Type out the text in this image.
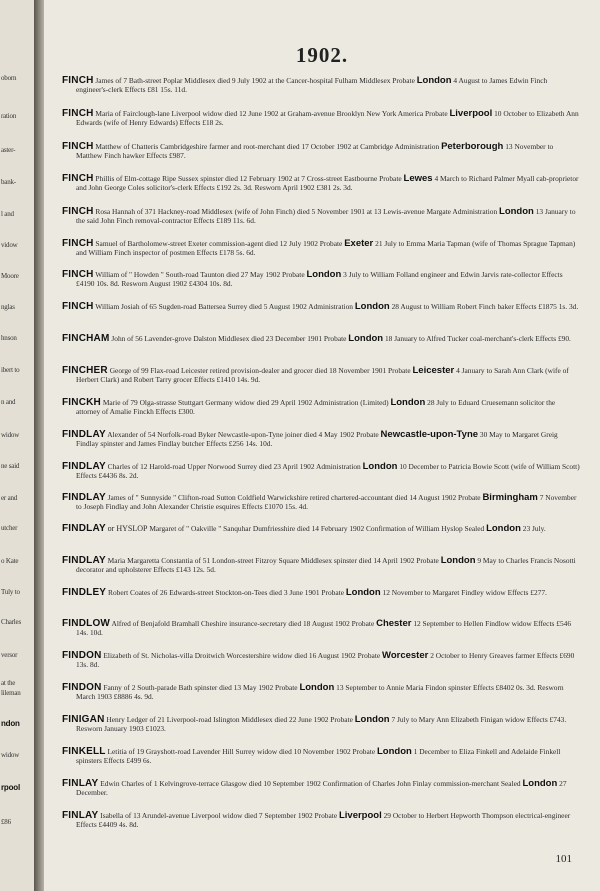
oborn
ration
aster-
bank-
l and
vidow
Moore
nglas
hnson
ibert to
n and
widow
ne said
er and
utcher
o Kate
Tuly to
Charles
versor
at the
lileman
ndon
widow
rpool
£86
1902.
FINCH James of 7 Bath-street Poplar Middlesex died 9 July 1902 at the Cancer-hospital Fulham Middlesex Probate London 4 August to James Edwin Finch engineer's-clerk Effects £81 15s. 11d.
FINCH Maria of Fairclough-lane Liverpool widow died 12 June 1902 at Graham-avenue Brooklyn New York America Probate Liverpool 10 October to Elizabeth Ann Edwards (wife of Henry Edwards) Effects £18 2s.
FINCH Matthew of Chatteris Cambridgeshire farmer and root-merchant died 17 October 1902 at Cambridge Administration Peterborough 13 November to Matthew Finch hawker Effects £987.
FINCH Phillis of Elm-cottage Ripe Sussex spinster died 12 February 1902 at 7 Cross-street Eastbourne Probate Lewes 4 March to Richard Palmer Myall cab-proprietor and John George Coles solicitor's-clerk Effects £192 2s. 3d. Resworn April 1902 £381 2s. 3d.
FINCH Rosa Hannah of 371 Hackney-road Middlesex (wife of John Finch) died 5 November 1901 at 13 Lewis-avenue Margate Administration London 13 January to the said John Finch removal-contractor Effects £189 11s. 6d.
FINCH Samuel of Bartholomew-street Exeter commission-agent died 12 July 1902 Probate Exeter 21 July to Emma Maria Tapman (wife of Thomas Sprague Tapman) and William Finch inspector of postmen Effects £178 5s. 6d.
FINCH William of " Howden " South-road Taunton died 27 May 1902 Probate London 3 July to William Folland engineer and Edwin Jarvis rate-collector Effects £4190 10s. 8d. Resworn August 1902 £4304 10s. 8d.
FINCH William Josiah of 65 Sugden-road Battersea Surrey died 5 August 1902 Administration London 28 August to William Robert Finch baker Effects £1875 1s. 3d.
FINCHAM John of 56 Lavender-grove Dalston Middlesex died 23 December 1901 Probate London 18 January to Alfred Tucker coal-merchant's-clerk Effects £90.
FINCHER George of 99 Flax-road Leicester retired provision-dealer and grocer died 18 November 1901 Probate Leicester 4 January to Sarah Ann Clark (wife of Herbert Clark) and Robert Tarry grocer Effects £1410 14s. 9d.
FINCKH Marie of 79 Olga-strasse Stuttgart Germany widow died 29 April 1902 Administration (Limited) London 28 July to Eduard Cruesemann solicitor the attorney of Amalie Finckh Effects £300.
FINDLAY Alexander of 54 Norfolk-road Byker Newcastle-upon-Tyne joiner died 4 May 1902 Probate Newcastle-upon-Tyne 30 May to Margaret Greig Findlay spinster and James Findlay butcher Effects £256 14s. 10d.
FINDLAY Charles of 12 Harold-road Upper Norwood Surrey died 23 April 1902 Administration London 10 December to Patricia Bowie Scott (wife of William Scott) Effects £4436 8s. 2d.
FINDLAY James of " Sunnyside " Clifton-road Sutton Coldfield Warwickshire retired chartered-accountant died 14 August 1902 Probate Birmingham 7 November to Joseph Findlay and John Alexander Christie esquires Effects £1070 15s. 4d.
FINDLAY or HYSLOP Margaret of " Oakville " Sanquhar Dumfriesshire died 14 February 1902 Confirmation of William Hyslop Sealed London 23 July.
FINDLAY Maria Margaretta Constantia of 51 London-street Fitzroy Square Middlesex spinster died 14 April 1902 Probate London 9 May to Charles Francis Nosotti decorator and upholsterer Effects £143 12s. 5d.
FINDLEY Robert Coates of 26 Edwards-street Stockton-on-Tees died 3 June 1901 Probate London 12 November to Margaret Findley widow Effects £277.
FINDLOW Alfred of Benjafold Bramhall Cheshire insurance-secretary died 18 August 1902 Probate Chester 12 September to Hellen Findlow widow Effects £546 14s. 10d.
FINDON Elizabeth of St. Nicholas-villa Droitwich Worcestershire widow died 16 August 1902 Probate Worcester 2 October to Henry Greaves farmer Effects £690 13s. 8d.
FINDON Fanny of 2 South-parade Bath spinster died 13 May 1902 Probate London 13 September to Annie Maria Findon spinster Effects £8402 0s. 3d. Resworn March 1903 £8886 4s. 9d.
FINIGAN Henry Ledger of 21 Liverpool-road Islington Middlesex died 22 June 1902 Probate London 7 July to Mary Ann Elizabeth Finigan widow Effects £743. Resworn January 1903 £1023.
FINKELL Letitia of 19 Grayshott-road Lavender Hill Surrey widow died 10 November 1902 Probate London 1 December to Eliza Finkell and Adelaide Finkell spinsters Effects £499 6s.
FINLAY Edwin Charles of 1 Kelvingrove-terrace Glasgow died 10 September 1902 Confirmation of Charles John Finlay commission-merchant Sealed London 27 December.
FINLAY Isabella of 13 Arundel-avenue Liverpool widow died 7 September 1902 Probate Liverpool 29 October to Herbert Hepworth Thompson electrical-engineer Effects £4409 4s. 8d.
101
